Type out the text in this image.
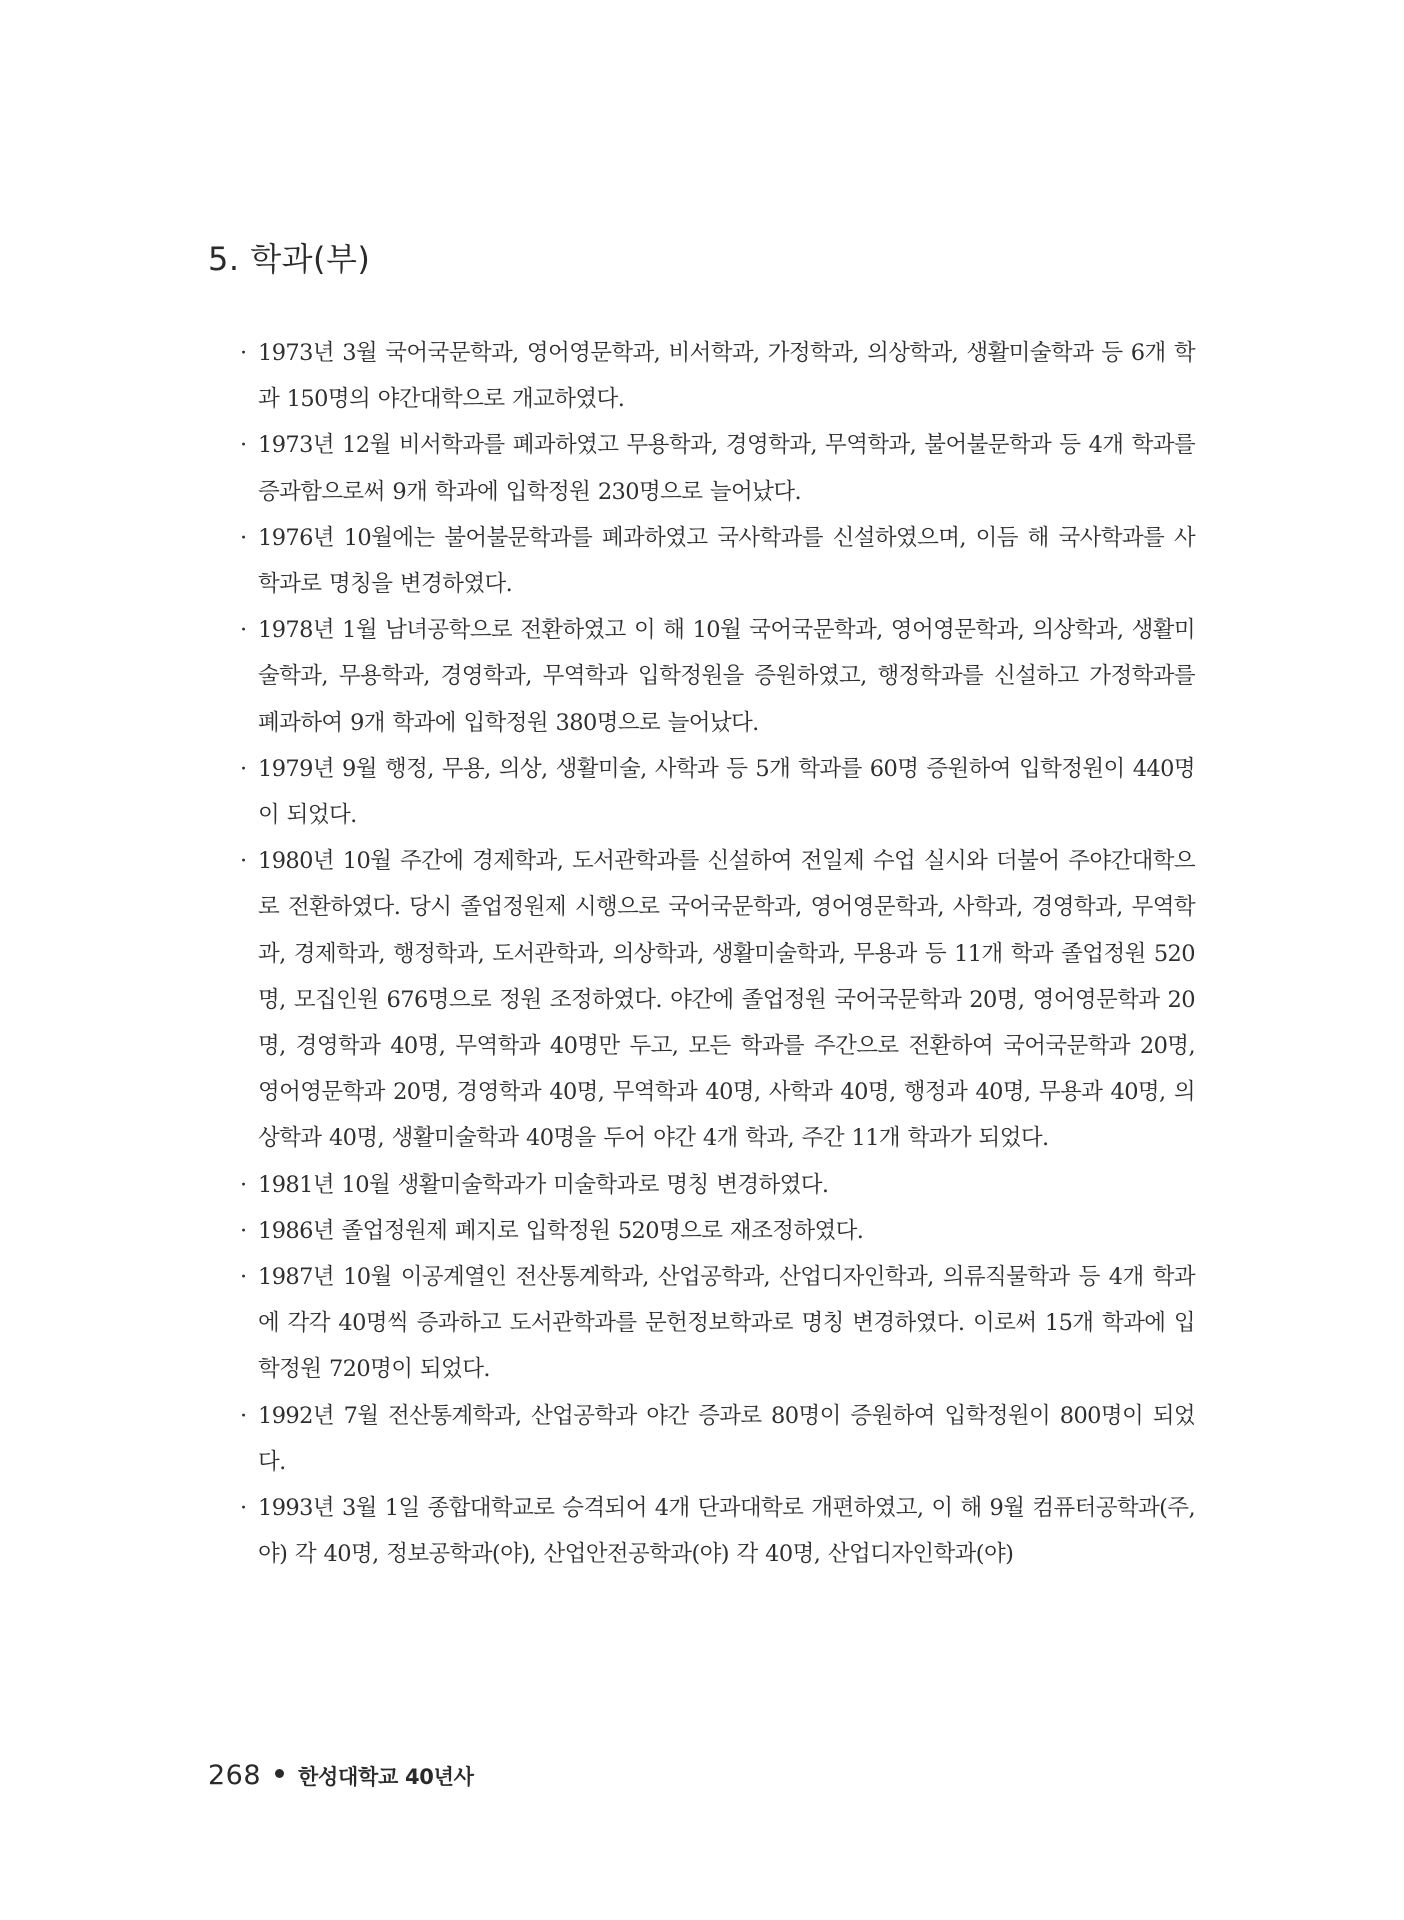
5. 학과(부)
· 1973년 3월 국어국문학과, 영어영문학과, 비서학과, 가정학과, 의상학과, 생활미술학과 등 6개 학과 150명의 야간대학으로 개교하였다.
· 1973년 12월 비서학과를 폐과하였고 무용학과, 경영학과, 무역학과, 불어불문학과 등 4개 학과를 증과함으로써 9개 학과에 입학정원 230명으로 늘어났다.
· 1976년 10월에는 불어불문학과를 폐과하였고 국사학과를 신설하였으며, 이듬 해 국사학과를 사학과로 명칭을 변경하였다.
· 1978년 1월 남녀공학으로 전환하였고 이 해 10월 국어국문학과, 영어영문학과, 의상학과, 생활미술학과, 무용학과, 경영학과, 무역학과 입학정원을 증원하였고, 행정학과를 신설하고 가정학과를 폐과하여 9개 학과에 입학정원 380명으로 늘어났다.
· 1979년 9월 행정, 무용, 의상, 생활미술, 사학과 등 5개 학과를 60명 증원하여 입학정원이 440명이 되었다.
· 1980년 10월 주간에 경제학과, 도서관학과를 신설하여 전일제 수업 실시와 더불어 주야간대학으로 전환하였다. 당시 졸업정원제 시행으로 국어국문학과, 영어영문학과, 사학과, 경영학과, 무역학과, 경제학과, 행정학과, 도서관학과, 의상학과, 생활미술학과, 무용과 등 11개 학과 졸업정원 520명, 모집인원 676명으로 정원 조정하였다. 야간에 졸업정원 국어국문학과 20명, 영어영문학과 20명, 경영학과 40명, 무역학과 40명만 두고, 모든 학과를 주간으로 전환하여 국어국문학과 20명, 영어영문학과 20명, 경영학과 40명, 무역학과 40명, 사학과 40명, 행정과 40명, 무용과 40명, 의상학과 40명, 생활미술학과 40명을 두어 야간 4개 학과, 주간 11개 학과가 되었다.
· 1981년 10월 생활미술학과가 미술학과로 명칭 변경하였다.
· 1986년 졸업정원제 폐지로 입학정원 520명으로 재조정하였다.
· 1987년 10월 이공계열인 전산통계학과, 산업공학과, 산업디자인학과, 의류직물학과 등 4개 학과에 각각 40명씩 증과하고 도서관학과를 문헌정보학과로 명칭 변경하였다. 이로써 15개 학과에 입학정원 720명이 되었다.
· 1992년 7월 전산통계학과, 산업공학과 야간 증과로 80명이 증원하여 입학정원이 800명이 되었다.
· 1993년 3월 1일 종합대학교로 승격되어 4개 단과대학로 개편하였고, 이 해 9월 컴퓨터공학과(주,야) 각 40명, 정보공학과(야), 산업안전공학과(야) 각 40명, 산업디자인학과(야)
268 한성대학교 40년사
